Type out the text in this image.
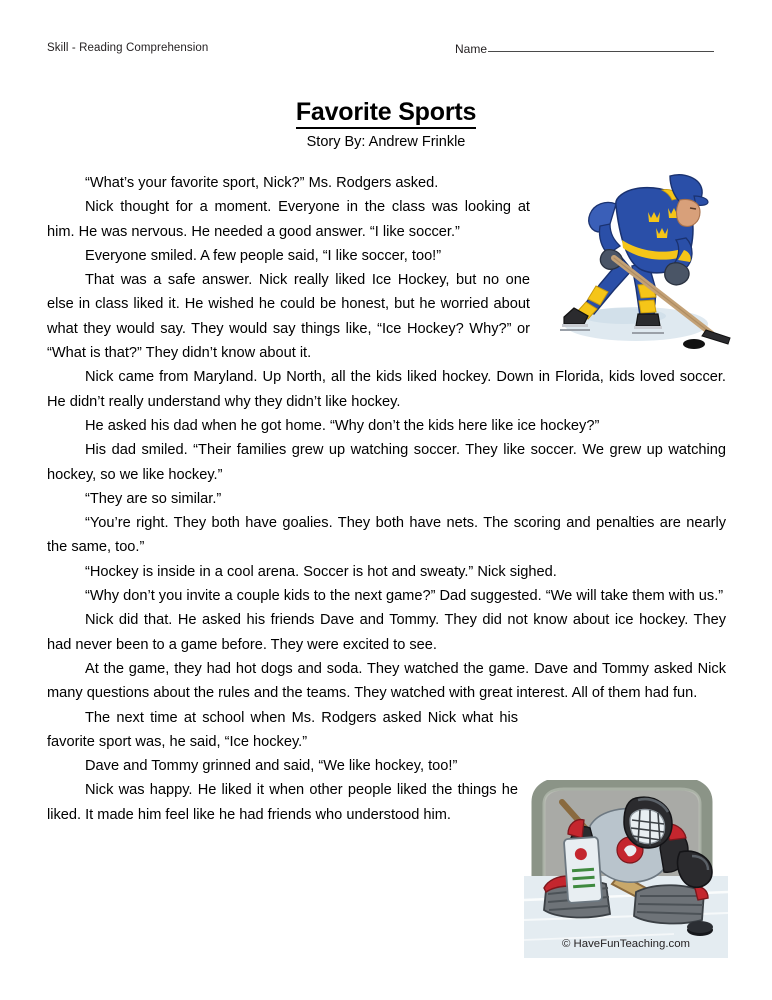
Skill - Reading Comprehension	Name
Favorite Sports
Story By: Andrew Frinkle
© HaveFunTeaching.com

“What’s your favorite sport, Nick?” Ms. Rodgers asked.

Nick thought for a moment. Everyone in the class was looking at him. He was nervous. He needed a good answer. “I like soccer.”

Everyone smiled. A few people said, “I like soccer, too!”

That was a safe answer. Nick really liked Ice Hockey, but no one else in class liked it. He wished he could be honest, but he worried about what they would say. They would say things like, “Ice Hockey? Why?” or “What is that?” They didn’t know about it.

Nick came from Maryland. Up North, all the kids liked hockey. Down in Florida, kids loved soccer. He didn’t really understand why they didn’t like hockey.

He asked his dad when he got home. “Why don’t the kids here like ice hockey?”

His dad smiled. “Their families grew up watching soccer. They like soccer. We grew up watching hockey, so we like hockey.”

“They are so similar.”

“You’re right. They both have goalies. They both have nets. The scoring and penalties are nearly the same, too.”

“Hockey is inside in a cool arena. Soccer is hot and sweaty.” Nick sighed.

“Why don’t you invite a couple kids to the next game?” Dad suggested. “We will take them with us.”

Nick did that. He asked his friends Dave and Tommy. They did not know about ice hockey. They had never been to a game before. They were excited to see.

At the game, they had hot dogs and soda. They watched the game. Dave and Tommy asked Nick many questions about the rules and the teams. They watched with great interest. All of them had fun.

The next time at school when Ms. Rodgers asked Nick what his favorite sport was, he said, “Ice hockey.”

Dave and Tommy grinned and said, “We like hockey, too!”

Nick was happy. He liked it when other people liked the things he liked. It made him feel like he had friends who understood him.
